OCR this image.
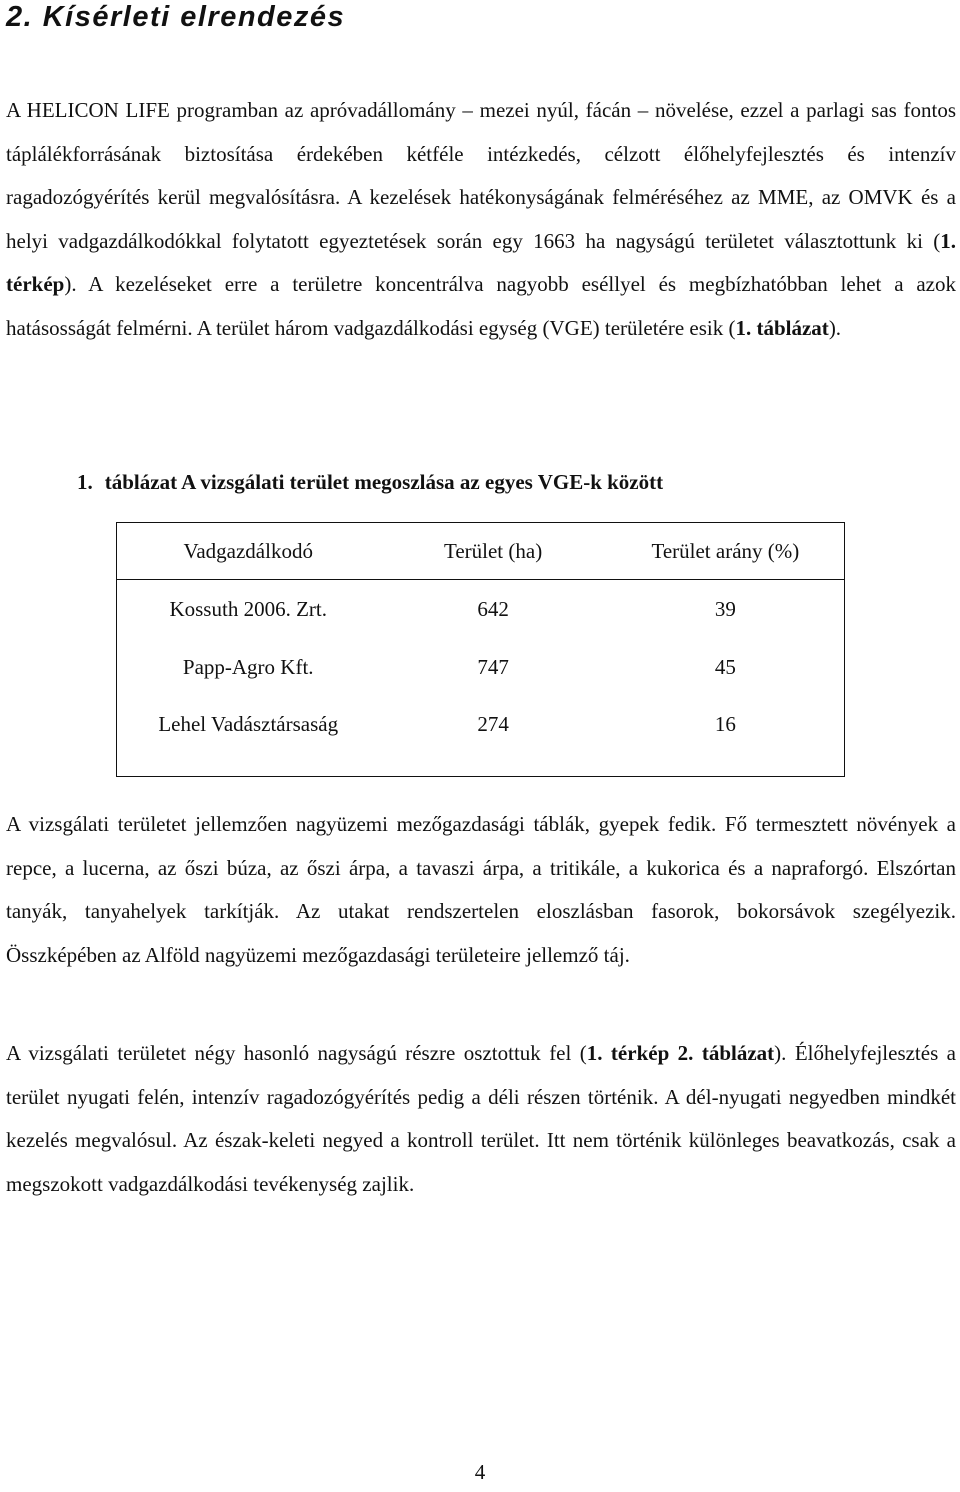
2. Kísérleti elrendezés

A HELICON LIFE programban az apróvadállomány – mezei nyúl, fácán – növelése, ezzel a parlagi sas fontos táplálékforrásának biztosítása érdekében kétféle intézkedés, célzott élőhelyfejlesztés és intenzív ragadozógyérítés kerül megvalósításra. A kezelések hatékonyságának felméréséhez az MME, az OMVK és a helyi vadgazdálkodókkal folytatott egyeztetések során egy 1663 ha nagyságú területet választottunk ki (1. térkép). A kezeléseket erre a területre koncentrálva nagyobb eséllyel és megbízhatóbban lehet a azok hatásosságát felmérni. A terület három vadgazdálkodási egység (VGE) területére esik (1. táblázat).

1. táblázat A vizsgálati terület megoszlása az egyes VGE-k között

Vadgazdálkodó	Terület (ha)	Terület arány (%)
Kossuth 2006. Zrt.	642	39
Papp-Agro Kft.	747	45
Lehel Vadásztársaság	274	16

A vizsgálati területet jellemzően nagyüzemi mezőgazdasági táblák, gyepek fedik. Fő termesztett növények a repce, a lucerna, az őszi búza, az őszi árpa, a tavaszi árpa, a tritikále, a kukorica és a napraforgó. Elszórtan tanyák, tanyahelyek tarkítják. Az utakat rendszertelen eloszlásban fasorok, bokorsávok szegélyezik. Összképében az Alföld nagyüzemi mezőgazdasági területeire jellemző táj.

A vizsgálati területet négy hasonló nagyságú részre osztottuk fel (1. térkép 2. táblázat). Élőhelyfejlesztés a terület nyugati felén, intenzív ragadozógyérítés pedig a déli részen történik. A dél-nyugati negyedben mindkét kezelés megvalósul. Az észak-keleti negyed a kontroll terület. Itt nem történik különleges beavatkozás, csak a megszokott vadgazdálkodási tevékenység zajlik.

4
